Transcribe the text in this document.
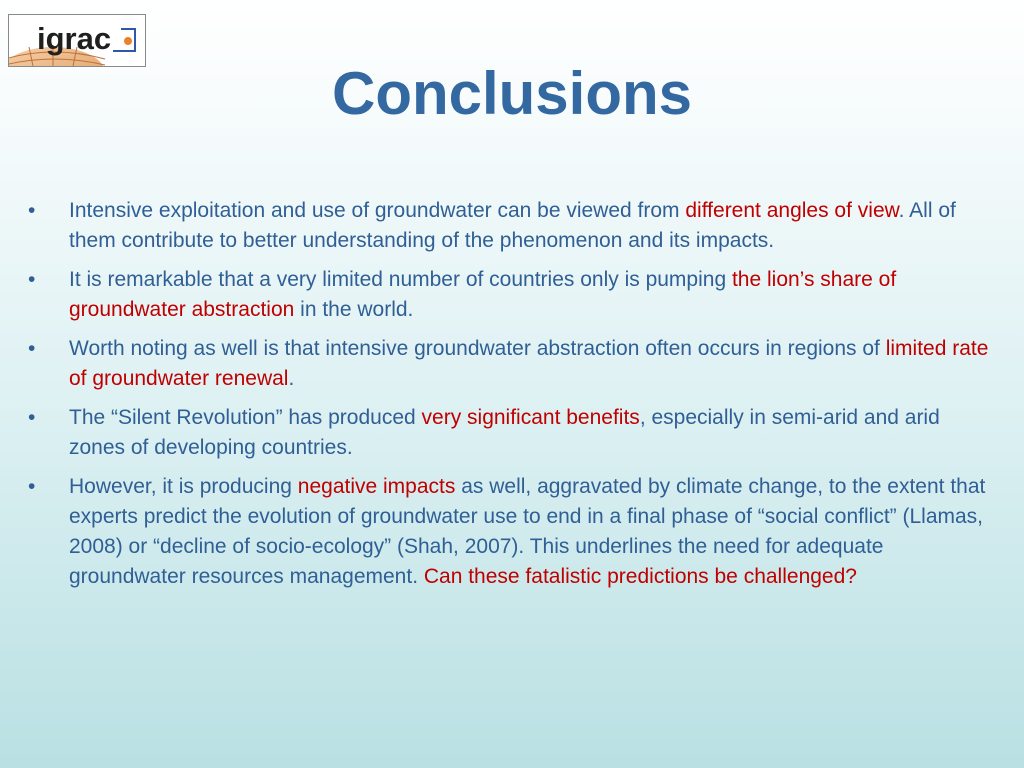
igrac
Conclusions
•	Intensive exploitation and use of groundwater can be viewed from different angles of view. All of them contribute to better understanding of the phenomenon and its impacts.
•	It is remarkable that a very limited number of countries only is pumping the lion’s share of groundwater abstraction in the world.
•	Worth noting as well is that intensive groundwater abstraction often occurs in regions of limited rate of groundwater renewal.
•	The “Silent Revolution” has produced very significant benefits, especially in semi-arid and arid zones of developing countries.
•	However, it is producing negative impacts as well, aggravated by climate change, to the extent that experts predict the evolution of groundwater use to end in a final phase of “social conflict” (Llamas, 2008) or “decline of socio-ecology” (Shah, 2007). This underlines the need for adequate groundwater resources management. Can these fatalistic predictions be challenged?
